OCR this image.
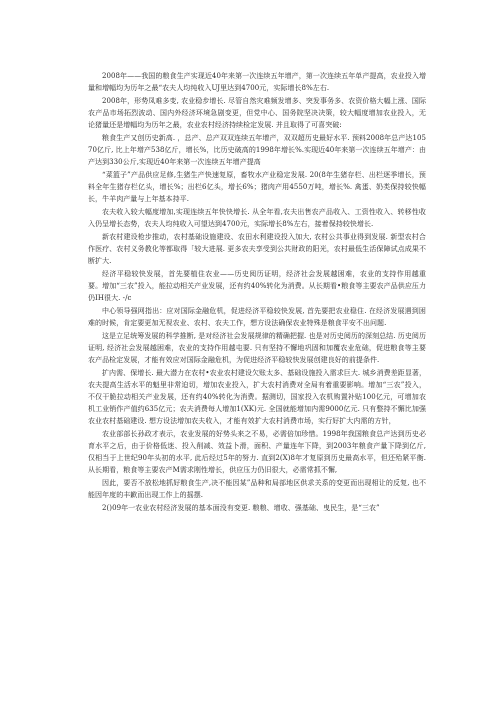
2008年——我国的粮食生产实现近40年来第一次连续五年增产，第一次连续五年单产提高，农业投入增量和增幅均为历年之最“农夫人均纯收入UJ里达到4700元，实际增长8%左右.

2008年，形势凤难多变, 农业稳步增长. 尽管自然灾难频发增多、突发事务多、农资价格大幅上涨、国际农产品市场拓烈波动、国内外经济环境急剧变更，但党中心、国务院坚决决策，较大幅度增加农业投入，无论猪量还是增幅均为历年之最，农业农村经济持续检定发展. 并且取得了可喜突破:

粮食生产又创历史新高. ，总产、总产双双连续五年增产，双双超历史最好水平. 预料2008年总产达10570亿斤, 比上年增产538亿斤，增长%，比历史破高的1998年增长%.实现近40年来第一次连续五年增产：由产达到330公斤,实现近40年来第一次连续五年增产提高

“菜篮子”产品供应足修,生猪生产快速复原，畜牧水产业稳定发展. 20(8年生猪存栏、出栏逐季增长，预料全年生猪存栏亿头，增长%；出栏6亿头，增长6%；猪肉产用4550万吨，增长%. 禽蛋、奶类保持较快幅长，牛羊肉产量与上年基本持平.

农夫收入较大幅度增加,实现连续五年快快增长. 从全年看,农夫出售农产品收入、工资性收入、转移性收入仍呈增长态势，农夫人均纯收入可望达到4700元，实际增长8%左右，接着保持较快增长.

新农村建设枪步推动，农村基础设施建设、农田水利建设投入加大, 农村公共事业得到发展. 新型农村合作医疗、农村义务教化等都取得「较大进展. 更多农夫享受到公共财政的阳光，农村最低生活保障试点成果不断扩大.

经济平稳较快发展，首先要植住农业——历史阅历证明，经济社会发展越困难，农业的支持作用越重要。增加“三农”投入，能拉动相关产业发展，还有约40%转化为消费。从长期看•粮食等主要农产品供应压力仍IH很大. -/c

中心领导强网指出：应对国际金融危机，促进经济平稳较快发展, 首先要把农业稳住. 在经济发展遇到困难的时候，肯定要更加无视农业、农村、农夫工作，想方设法确保农业特殊是粮食平安不出问题.

这是立足统筹发展的科学推断, 是对经济社会发展规律的精确把握. 也是对历史阅历的深刻总结. 历史阅历证明, 经济社会发展越困难，农业的支持作用越屯要. 只有坚持不懈地巩固和加覆农业危础，促进粮食等主要农产品检定发展，才能有效应对国际金融危机，为促进经济平稳较快发展创建良好的前提条件.

扩内需、保增长. 最大潜力在农村•农业农村建设欠账太多、基础设施投入需求巨大. 城乡消费差距显著，农夫提高生活水平的魁里非常迫切，增加农业投入，扩大农村消费对全局有着重要影响。增加“三农”投入，不仅干脆拉动相关产业发展，还有约40%转化为消费。据测切，国家投入农机购置补贴100亿元，可增加农机工业销作产值约635亿元；农夫消费每人增加1(XK)元. 全国就能增加内需9000亿元. 只有整持不懈比加强农业农村基础建设. 想方设法增加农夫收入，才能有效扩大农村消费市场，实行好扩大内需的方针，

农业部部长孙政才表示，农业发展的好势头来之不易，必需倍加珍惜。1998年我国粮食总产达到历史必育水平之后，由于价格低迷、投入削减、效益卜滑，面积、产量连年下降，到2003年粮食产量下降到亿斤, 仅相当于上世纪90年头初的水平, 此后经过5年的努力. 直到2(X)8年才复原到历史最高水平，但还殆紧平衡. 从长期看，粮食等主要农产M需求刚性增长，供应压力仍旧很大，必需常抓不懈,

因此，要否不放松地抓好粮食生产,决不能因某”品种和局部地区供求关系的变更而出现相让的反复, 也不能因年度的丰歉而出现工作上的摇摆.

2()09年一农业农村经济发展的基本面没有变更. 粮粮、增收、强基础、曳民生，是“三农”
